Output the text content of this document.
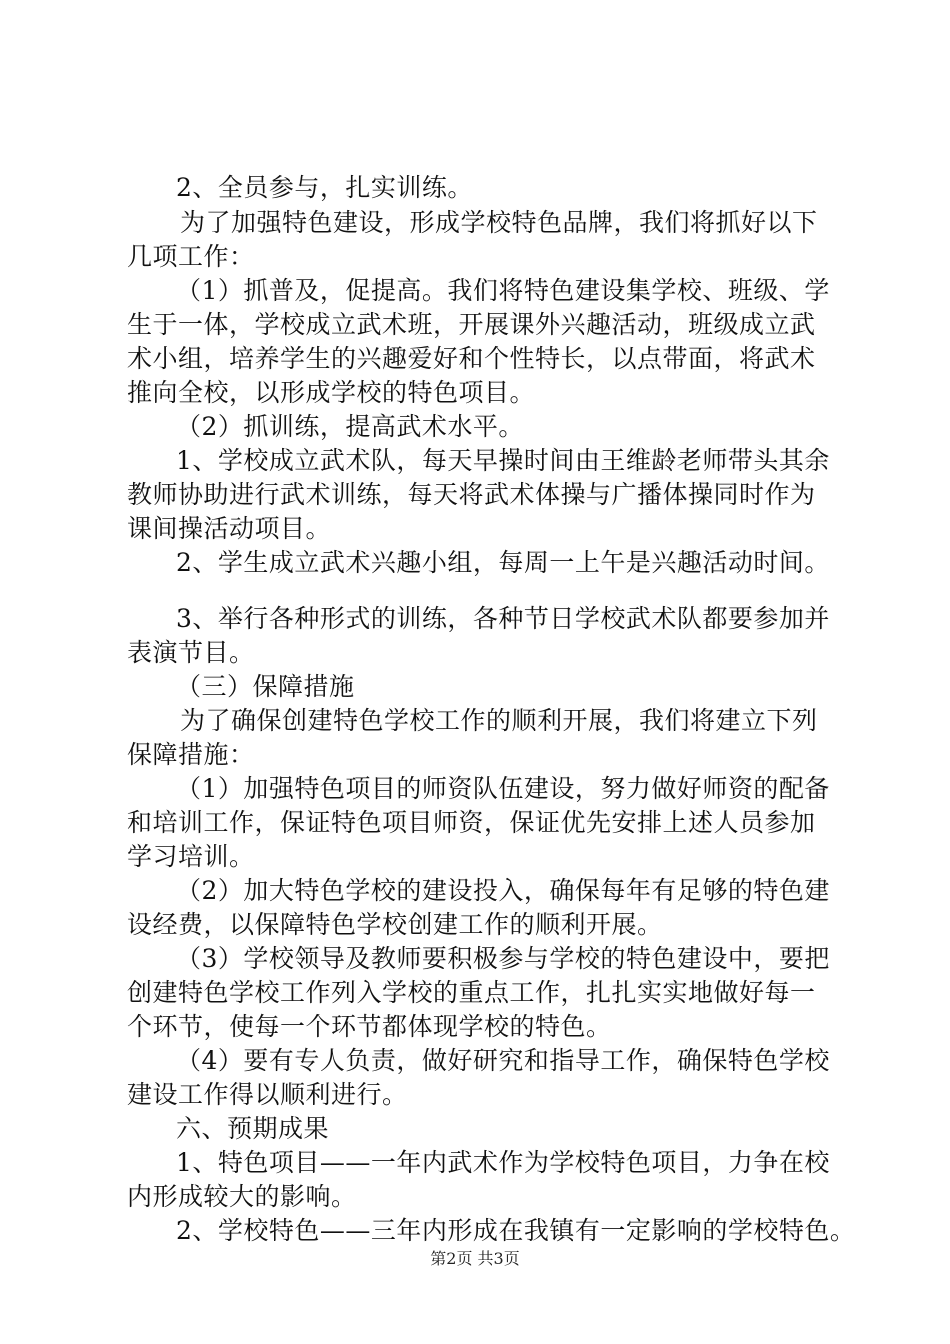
2、全员参与，扎实训练。
为了加强特色建设，形成学校特色品牌，我们将抓好以下
几项工作：
（1）抓普及，促提高。我们将特色建设集学校、班级、学
生于一体，学校成立武术班，开展课外兴趣活动，班级成立武
术小组，培养学生的兴趣爱好和个性特长，以点带面，将武术
推向全校，以形成学校的特色项目。
（2）抓训练，提高武术水平。
1、学校成立武术队，每天早操时间由王维龄老师带头其余
教师协助进行武术训练，每天将武术体操与广播体操同时作为
课间操活动项目。
2、学生成立武术兴趣小组，每周一上午是兴趣活动时间。
3、举行各种形式的训练，各种节日学校武术队都要参加并
表演节目。
（三）保障措施
为了确保创建特色学校工作的顺利开展，我们将建立下列
保障措施：
（1）加强特色项目的师资队伍建设，努力做好师资的配备
和培训工作，保证特色项目师资，保证优先安排上述人员参加
学习培训。
（2）加大特色学校的建设投入，确保每年有足够的特色建
设经费，以保障特色学校创建工作的顺利开展。
（3）学校领导及教师要积极参与学校的特色建设中，要把
创建特色学校工作列入学校的重点工作，扎扎实实地做好每一
个环节，使每一个环节都体现学校的特色。
（4）要有专人负责，做好研究和指导工作，确保特色学校
建设工作得以顺利进行。
六、预期成果
1、特色项目——一年内武术作为学校特色项目，力争在校
内形成较大的影响。
2、学校特色——三年内形成在我镇有一定影响的学校特色。
第2页 共3页
